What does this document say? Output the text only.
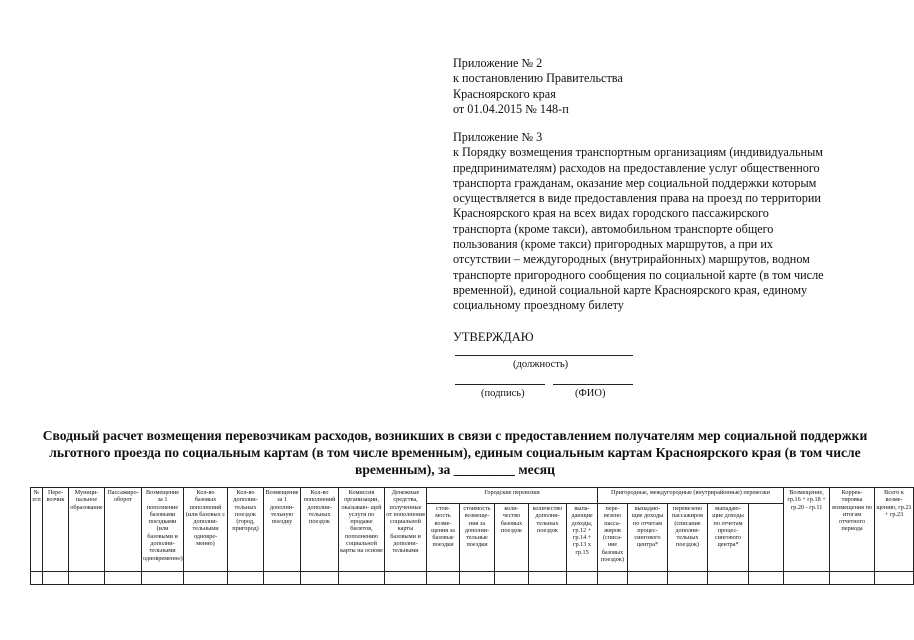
Приложение № 2
к постановлению Правительства
Красноярского края
от 01.04.2015 № 148-п
Приложение № 3
к Порядку возмещения транспортным организациям (индивидуальным
предпринимателям) расходов на предоставление услуг общественного
транспорта гражданам, оказание мер социальной поддержки которым
осуществляется в виде предоставления права на проезд по территории
Красноярского края на всех видах городского пассажирского
транспорта (кроме такси), автомобильном транспорте общего
пользования (кроме такси) пригородных маршрутов, а при их
отсутствии – междугородных (внутрирайонных) маршрутов, водном
транспорте пригородного сообщения по социальной карте (в том числе
временной), единой социальной карте Красноярского края, единому
социальному проездному билету
УТВЕРЖДАЮ
(должность)
(подпись)	(ФИО)
Сводный расчет возмещения перевозчикам расходов, возникших в связи с предоставлением получателям мер социальной поддержки льготного проезда по социальным картам (в том числе временным), единым социальным картам Красноярского края (в том числе временным), за _________ месяц
№ п/п	Пере- возчик	Муници- пальное образование	Пассажиро- оборот	Возмещение за 1 пополнение базовыми поездками (или базовыми и дополни- тельными одновременно)	Кол-во базовых пополнений (или базовых с дополни- тельными одновре- менно)	Кол-во дополни- тельных поездок (город, пригород)	Возмещение за 1 дополни- тельную поездку	Кол-во пополнений дополни- тельных поездок	Комиссия организации, оказываю- щей услуги по продаже билетов, пополнению социальной карты на основе	Денежные средства, полученные от пополнения социальной карты базовыми и дополни- тельными	Городские перевозки					Пригородные, междугородные (внутрирайонные) перевозки					Возмещение, гр.16 + гр.18 + гр.20 - гр.11	Коррек- тировка возмещения по итогам отчетного периода	Всего к возме- щению, гр.21 + гр.23
											стои- мость возме- щения за базовые поездки	стоимость возмеще- ния за дополни- тельные поездки	коли- чество базовых поездок	количество дополни- тельных поездок	выпа- дающие доходы, гр.12 + гр.14 + гр.13 х гр.15	пере- везено пасса- жиров (списа- ние базовых поездок)	выпадаю- щие доходы по отчетам процес- сингового центра*	перевезено пассажиров (списание дополни- тельных поездок)	выпадаю- щие доходы по отчетам процес- сингового центра*				
